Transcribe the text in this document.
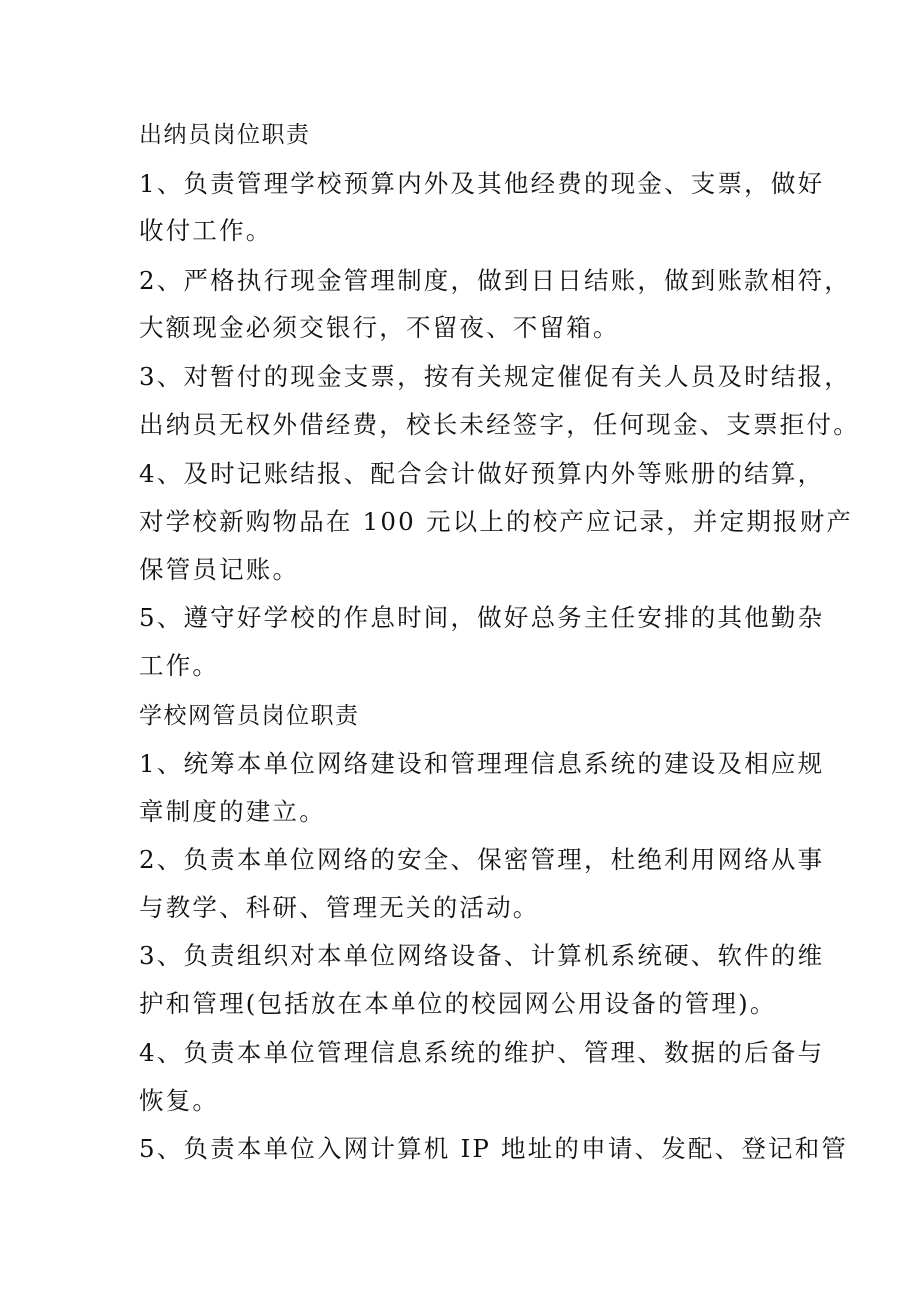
出纳员岗位职责
1、负责管理学校预算内外及其他经费的现金、支票，做好
收付工作。
2、严格执行现金管理制度，做到日日结账，做到账款相符，
大额现金必须交银行，不留夜、不留箱。
3、对暂付的现金支票，按有关规定催促有关人员及时结报，
出纳员无权外借经费，校长未经签字，任何现金、支票拒付。
4、及时记账结报、配合会计做好预算内外等账册的结算，
对学校新购物品在 100 元以上的校产应记录，并定期报财产
保管员记账。
5、遵守好学校的作息时间，做好总务主任安排的其他勤杂
工作。
学校网管员岗位职责
1、统筹本单位网络建设和管理理信息系统的建设及相应规
章制度的建立。
2、负责本单位网络的安全、保密管理，杜绝利用网络从事
与教学、科研、管理无关的活动。
3、负责组织对本单位网络设备、计算机系统硬、软件的维
护和管理(包括放在本单位的校园网公用设备的管理)。
4、负责本单位管理信息系统的维护、管理、数据的后备与
恢复。
5、负责本单位入网计算机 IP 地址的申请、发配、登记和管
